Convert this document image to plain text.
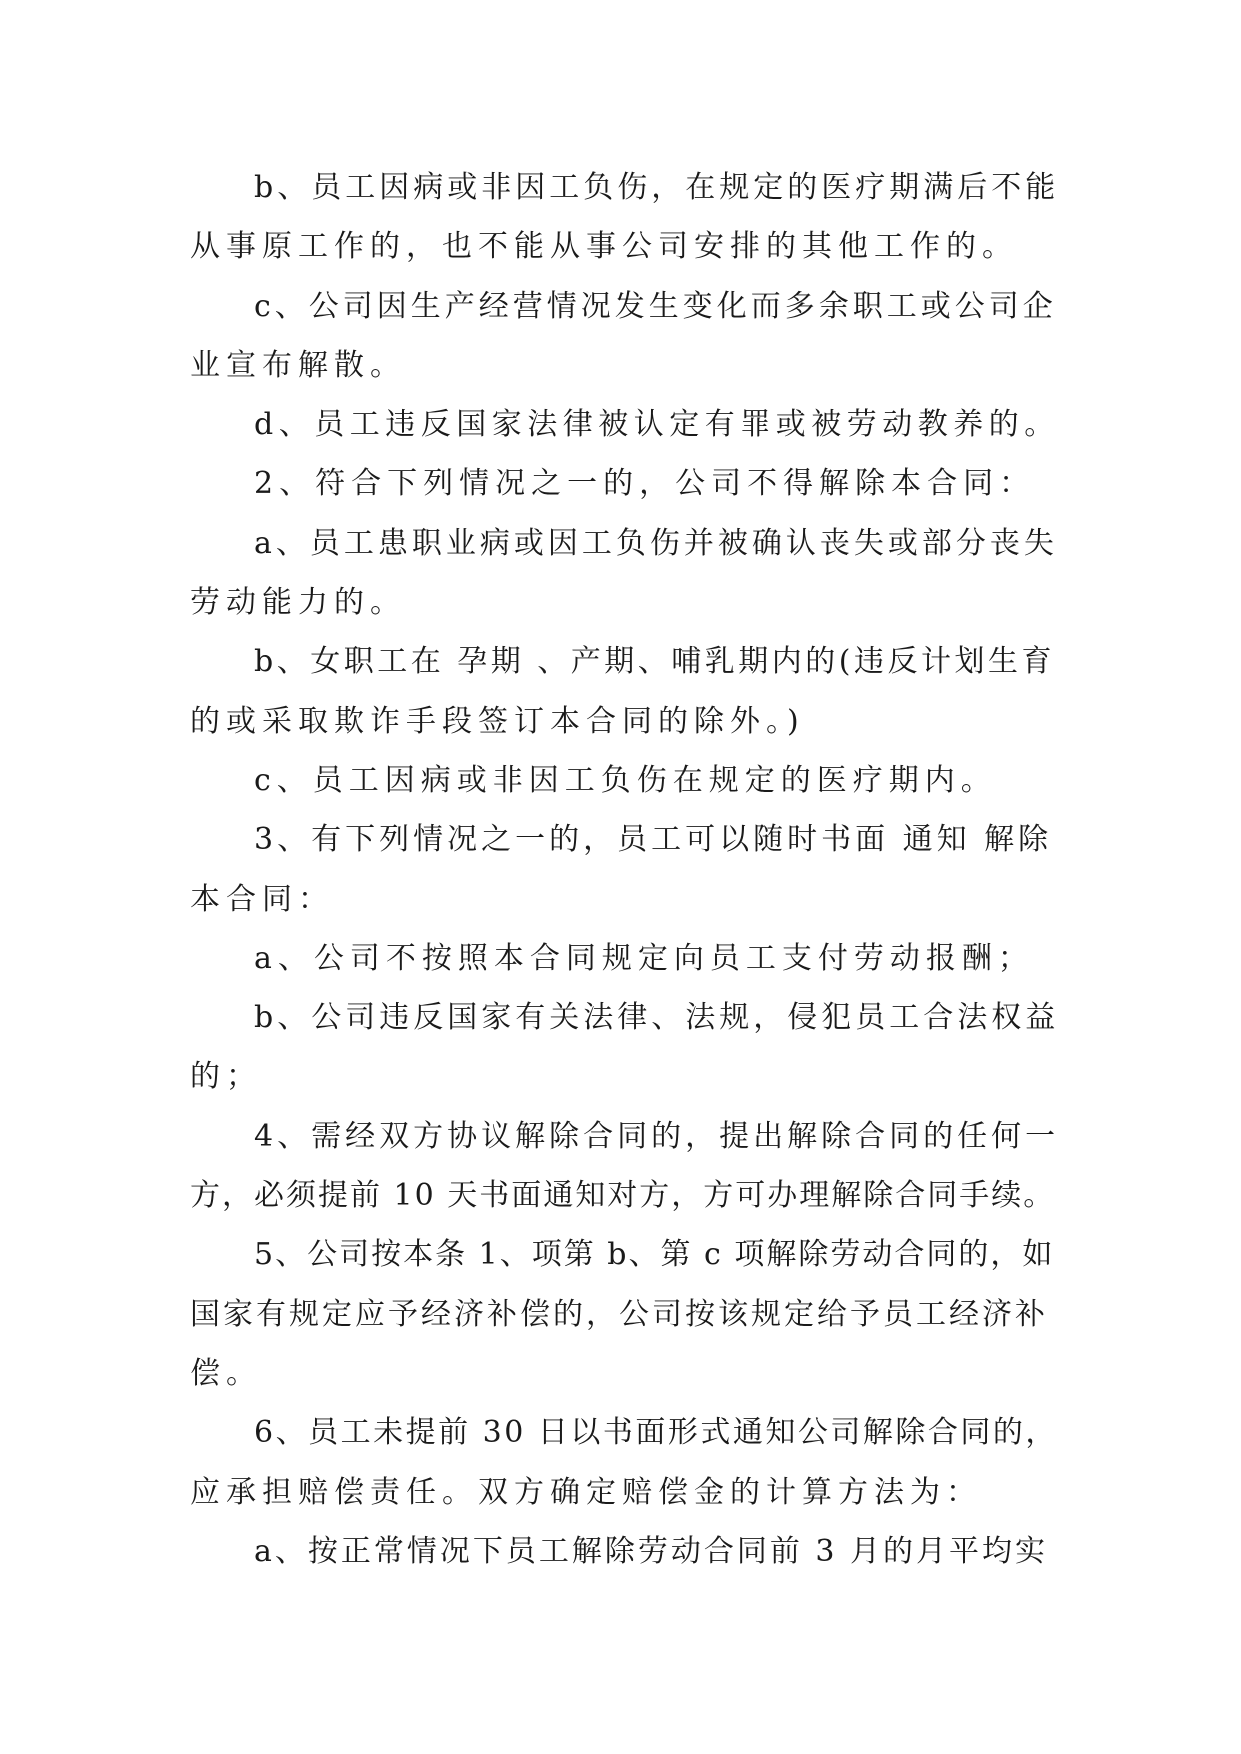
b、员工因病或非因工负伤，在规定的医疗期满后不能
从事原工作的，也不能从事公司安排的其他工作的。
c、公司因生产经营情况发生变化而多余职工或公司企
业宣布解散。
d、员工违反国家法律被认定有罪或被劳动教养的。
2、符合下列情况之一的，公司不得解除本合同：
a、员工患职业病或因工负伤并被确认丧失或部分丧失
劳动能力的。
b、女职工在 孕期 、产期、哺乳期内的(违反计划生育
的或采取欺诈手段签订本合同的除外。)
c、员工因病或非因工负伤在规定的医疗期内。
3、有下列情况之一的，员工可以随时书面 通知 解除
本合同：
a、公司不按照本合同规定向员工支付劳动报酬；
b、公司违反国家有关法律、法规，侵犯员工合法权益
的；
4、需经双方协议解除合同的，提出解除合同的任何一
方，必须提前 10 天书面通知对方，方可办理解除合同手续。
5、公司按本条 1、项第 b、第 c 项解除劳动合同的，如
国家有规定应予经济补偿的，公司按该规定给予员工经济补
偿。
6、员工未提前 30 日以书面形式通知公司解除合同的，
应承担赔偿责任。双方确定赔偿金的计算方法为：
a、按正常情况下员工解除劳动合同前 3 月的月平均实
